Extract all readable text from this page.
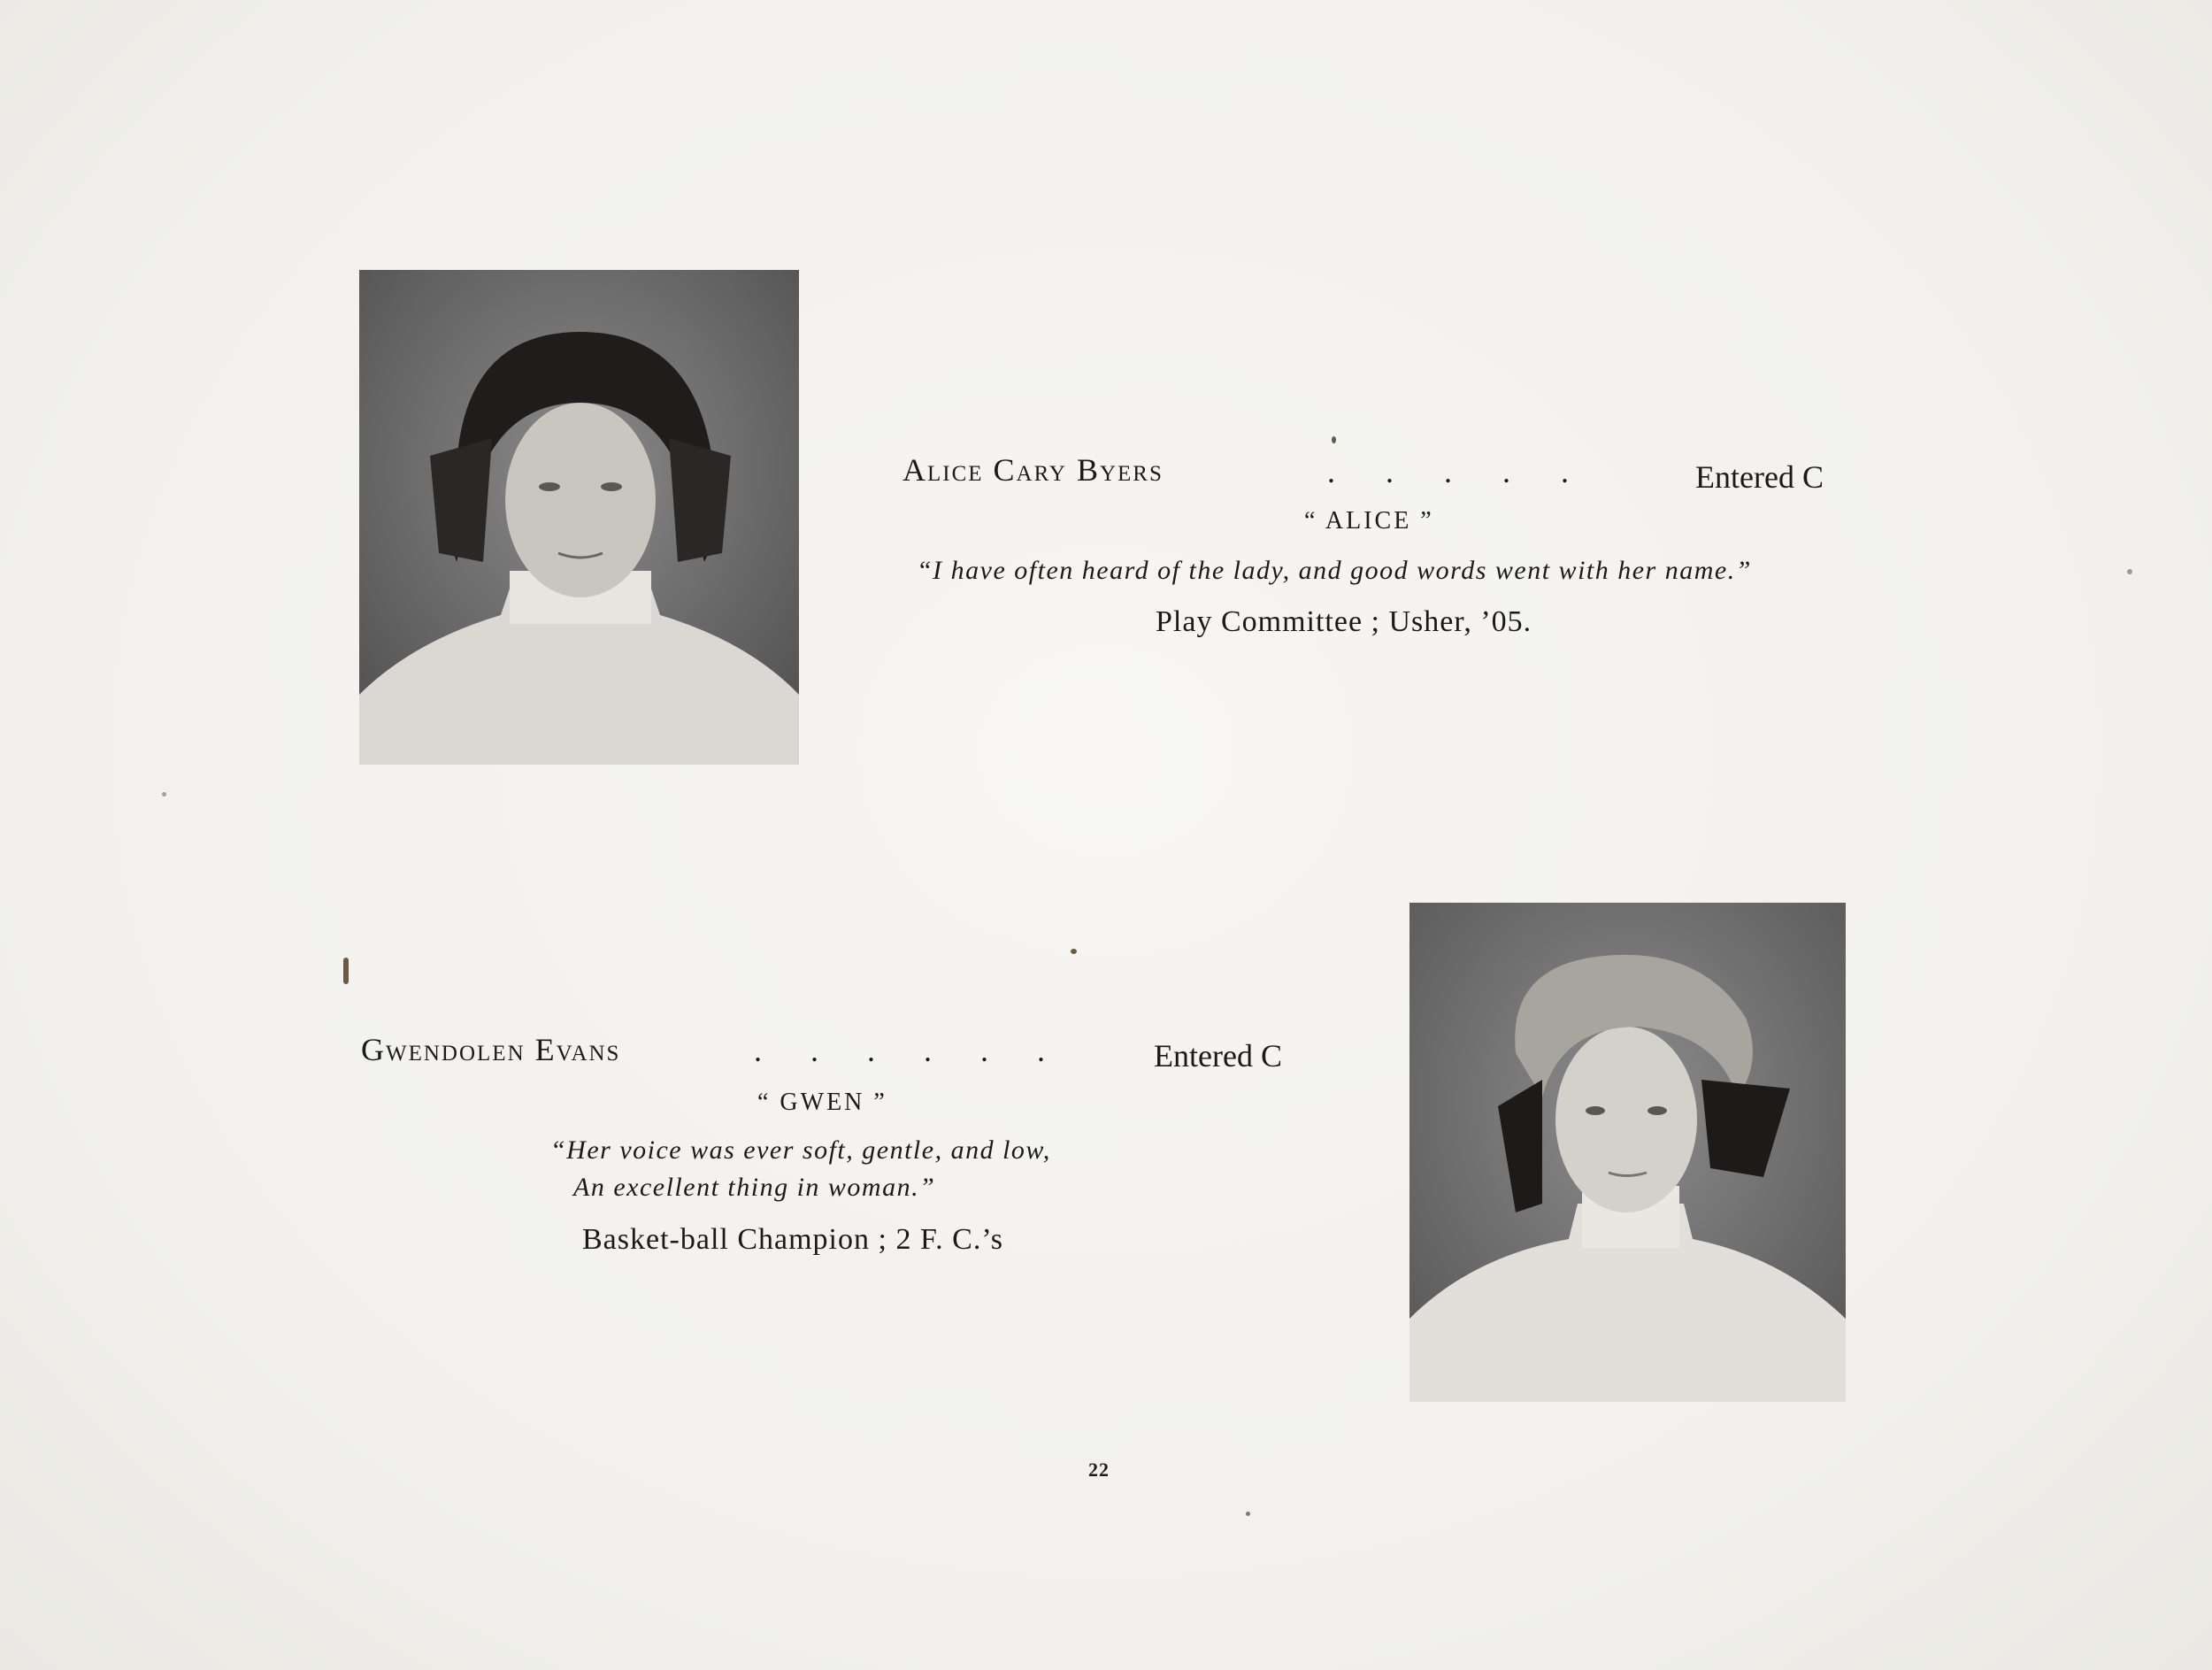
Alice Cary Byers	. . . . .	Entered C
“ ALICE ”
“I have often heard of the lady, and good words went with her name.”
Play Committee ; Usher, ’05.
Gwendolen Evans	. . . . . .	Entered C
“ GWEN ”
“Her voice was ever soft, gentle, and low,
An excellent thing in woman.”
Basket-ball Champion ; 2 F. C.’s
22
